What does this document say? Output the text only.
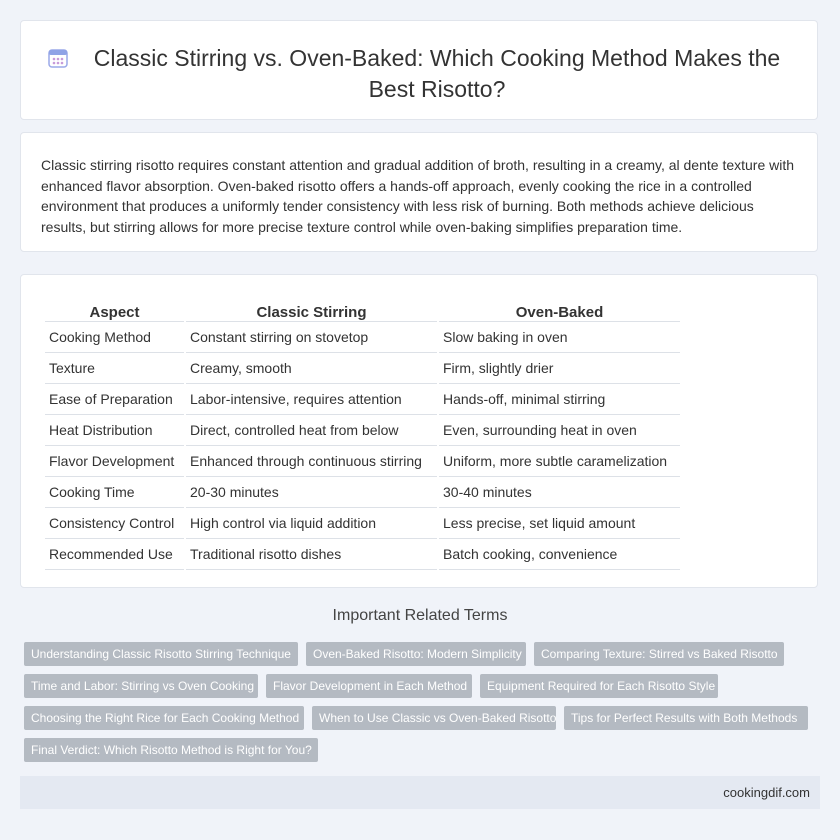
Classic Stirring vs. Oven-Baked: Which Cooking Method Makes the Best Risotto?

Classic stirring risotto requires constant attention and gradual addition of broth, resulting in a creamy, al dente texture with enhanced flavor absorption. Oven-baked risotto offers a hands-off approach, evenly cooking the rice in a controlled environment that produces a uniformly tender consistency with less risk of burning. Both methods achieve delicious results, but stirring allows for more precise texture control while oven-baking simplifies preparation time.

Aspect	Classic Stirring	Oven-Baked
Cooking Method	Constant stirring on stovetop	Slow baking in oven
Texture	Creamy, smooth	Firm, slightly drier
Ease of Preparation	Labor-intensive, requires attention	Hands-off, minimal stirring
Heat Distribution	Direct, controlled heat from below	Even, surrounding heat in oven
Flavor Development	Enhanced through continuous stirring	Uniform, more subtle caramelization
Cooking Time	20-30 minutes	30-40 minutes
Consistency Control	High control via liquid addition	Less precise, set liquid amount
Recommended Use	Traditional risotto dishes	Batch cooking, convenience
Important Related Terms
Understanding Classic Risotto Stirring Technique	Oven-Baked Risotto: Modern Simplicity	Comparing Texture: Stirred vs Baked Risotto
Time and Labor: Stirring vs Oven Cooking	Flavor Development in Each Method	Equipment Required for Each Risotto Style
Choosing the Right Rice for Each Cooking Method	When to Use Classic vs Oven-Baked Risotto	Tips for Perfect Results with Both Methods
Final Verdict: Which Risotto Method is Right for You?
cookingdif.com
